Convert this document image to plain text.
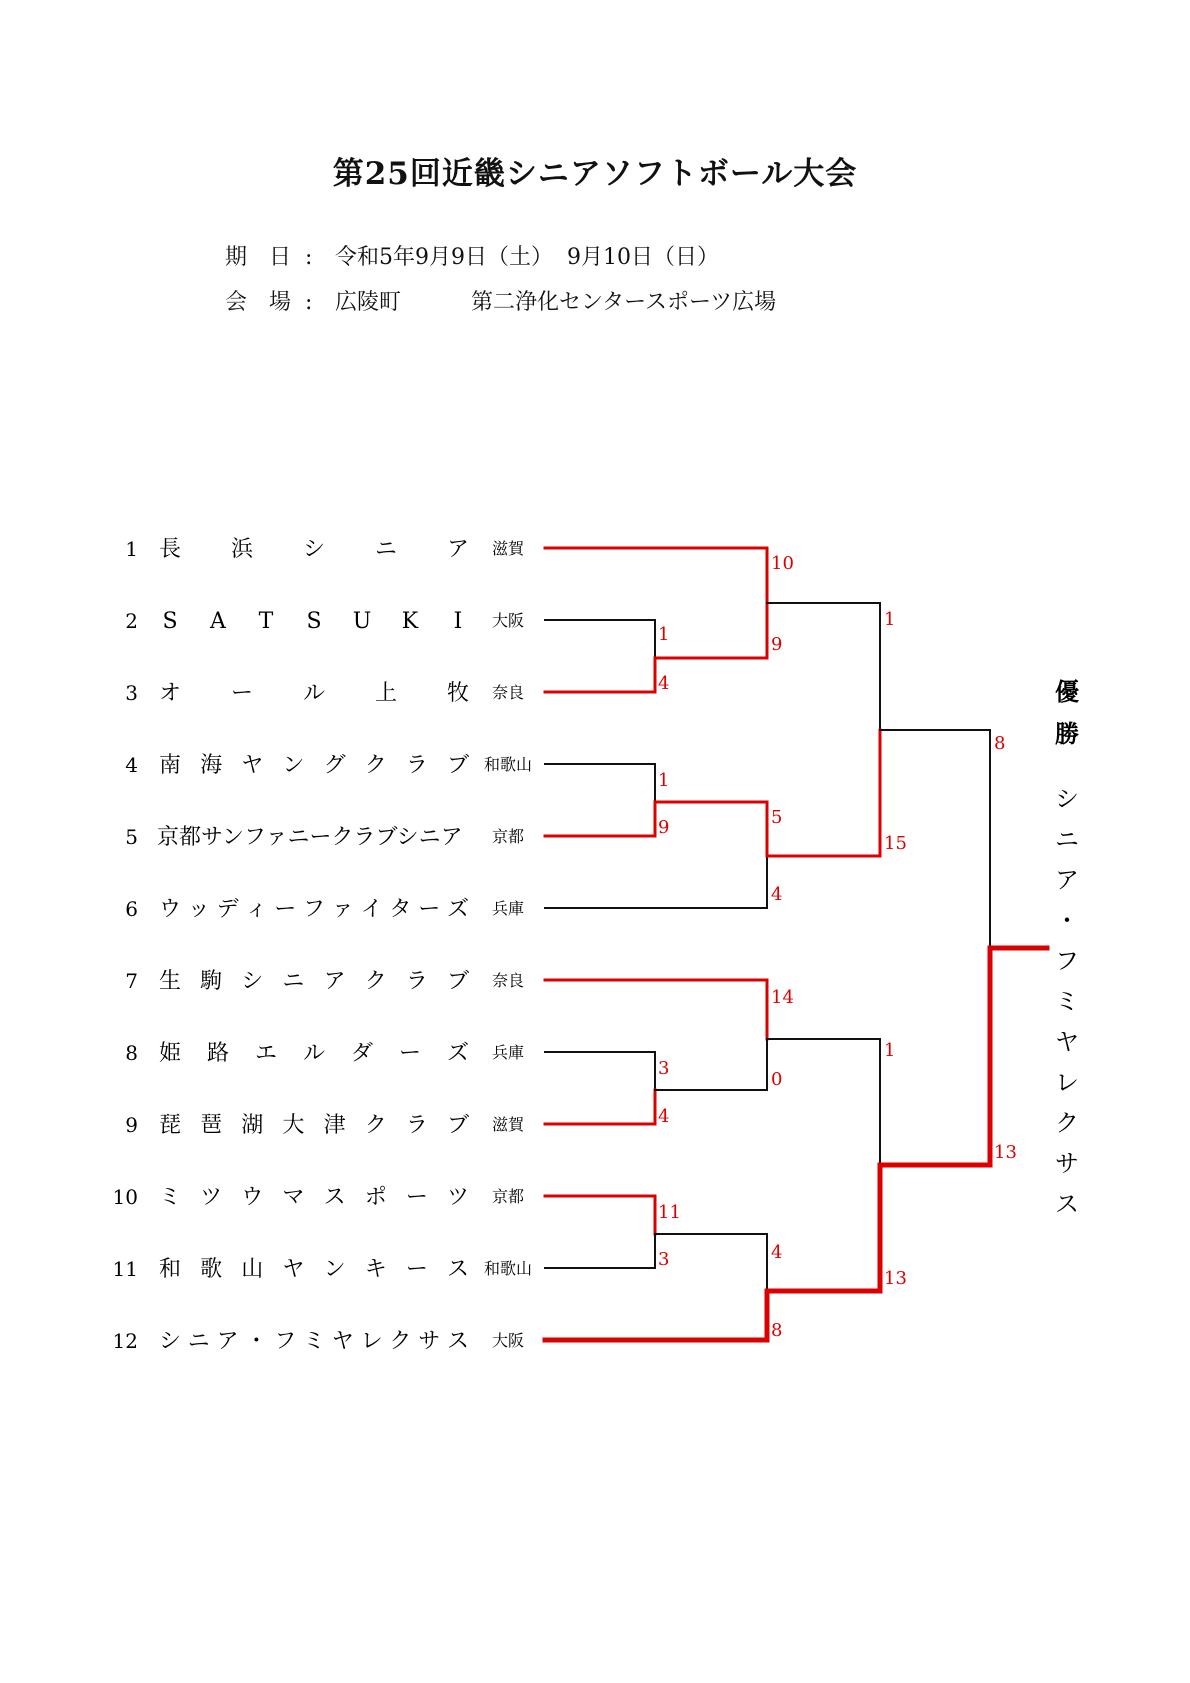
第25回近畿シニアソフトボール大会
期　日 : 令和5年9月9日（土） 9月10日（日）
会　場 : 広陵町	第二浄化センタースポーツ広場
1 長 浜 シ ニ ア 滋賀
2 S A T S U K I 大阪
3 オ ー ル 上 牧 奈良
4 南 海 ヤ ン グ ク ラ ブ 和歌山
5 京都サンファニークラブシニア 京都
6 ウ ッ デ ィ ー フ ァ イ タ ー ズ 兵庫
7 生 駒 シ ニ ア ク ラ ブ 奈良
8 姫 路 エ ル ダ ー ズ 兵庫
9 琵 琶 湖 大 津 ク ラ ブ 滋賀
10 ミ ツ ウ マ ス ポ ー ツ 京都
11 和 歌 山 ヤ ン キ ー ス 和歌山
12 シ ニ ア ・ フ ミ ヤ レ ク サ ス 大阪
1
4
1
9
3
4
11
3
10
9
5
4
14
0
4
8
1
15
1
13
8
13
優
勝
シ
ニ
ア
・
フ
ミ
ヤ
レ
ク
サ
ス
